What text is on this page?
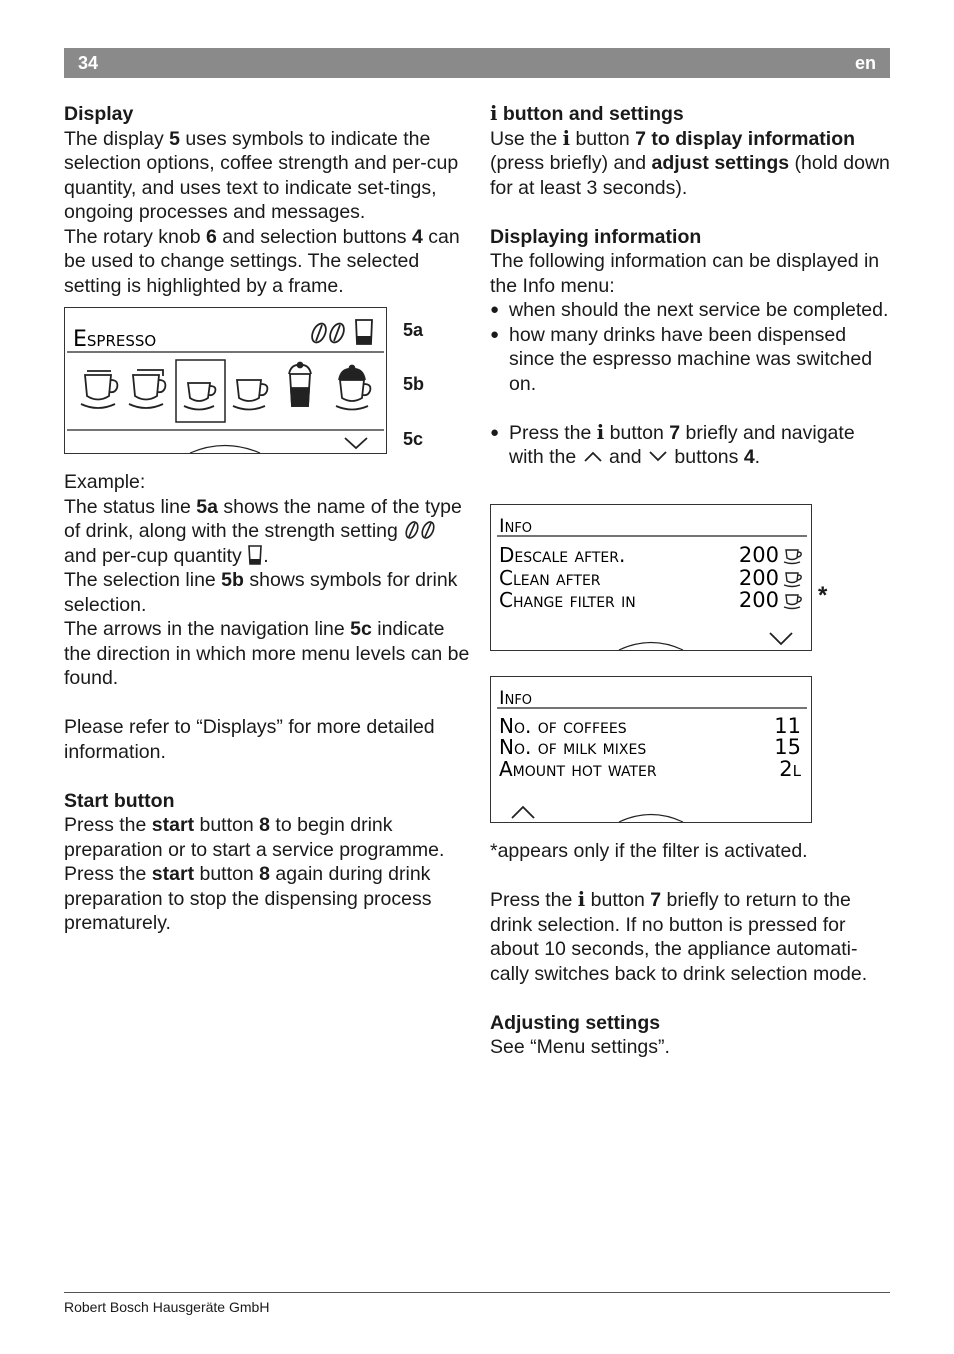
34	en

Display

The display 5 uses symbols to indicate the selection options, coffee strength and per-cup quantity, and uses text to indicate set-tings, ongoing processes and messages.
The rotary knob 6 and selection buttons 4 can be used to change settings. The selected setting is highlighted by a frame.

Espresso	5a
5b
5c

Example:

The status line 5a shows the name of the type of drink, along with the strength setting  and per-cup quantity .

The selection line 5b shows symbols for drink selection.

The arrows in the navigation line 5c indicate the direction in which more menu levels can be found.

Please refer to “Displays” for more detailed information.

Start button

Press the start button 8 to begin drink preparation or to start a service programme.
Press the start button 8 again during drink preparation to stop the dispensing process prematurely.

i button and settings

Use the i button 7 to display information (press briefly) and adjust settings (hold down for at least 3 seconds).

Displaying information

The following information can be displayed in the Info menu:

● when should the next service be completed.
● how many drinks have been dispensed since the espresso machine was switched on.
● Press the i button 7 briefly and navigate with the  and  buttons 4.
Info
Descale after.	200
Clean after	200
Change filter in	200 *
Info
No. of coffees	11
No. of milk mixes	15
Amount hot water	2l

*appears only if the filter is activated.

Press the i button 7 briefly to return to the drink selection. If no button is pressed for about 10 seconds, the appliance automati-cally switches back to drink selection mode.

Adjusting settings

See “Menu settings”.

Robert Bosch Hausgeräte GmbH
